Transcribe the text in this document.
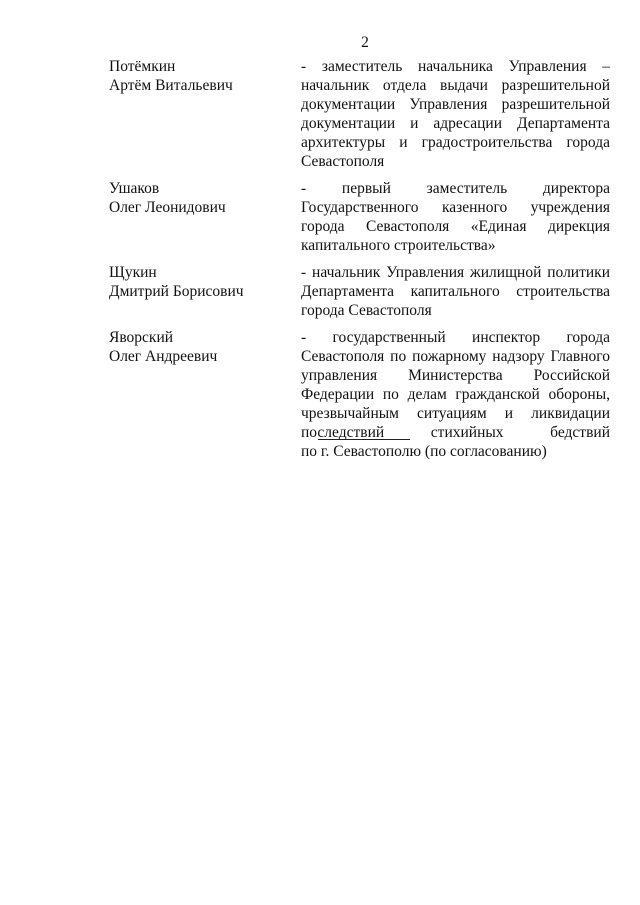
2
Потёмкин
Артём Витальевич
- заместитель начальника Управления –
начальник отдела выдачи разрешительной
документации Управления разрешительной
документации и адресации Департамента
архитектуры и градостроительства города
Севастополя
Ушаков
Олег Леонидович
- первый заместитель директора
Государственного казенного учреждения
города Севастополя «Единая дирекция
капитального строительства»
Щукин
Дмитрий Борисович
- начальник Управления жилищной политики
Департамента капитального строительства
города Севастополя
Яворский
Олег Андреевич
- государственный инспектор города
Севастополя по пожарному надзору Главного
управления Министерства Российской
Федерации по делам гражданской обороны,
чрезвычайным ситуациям и ликвидации
последствий стихийных бедствий
по г. Севастополю (по согласованию)
